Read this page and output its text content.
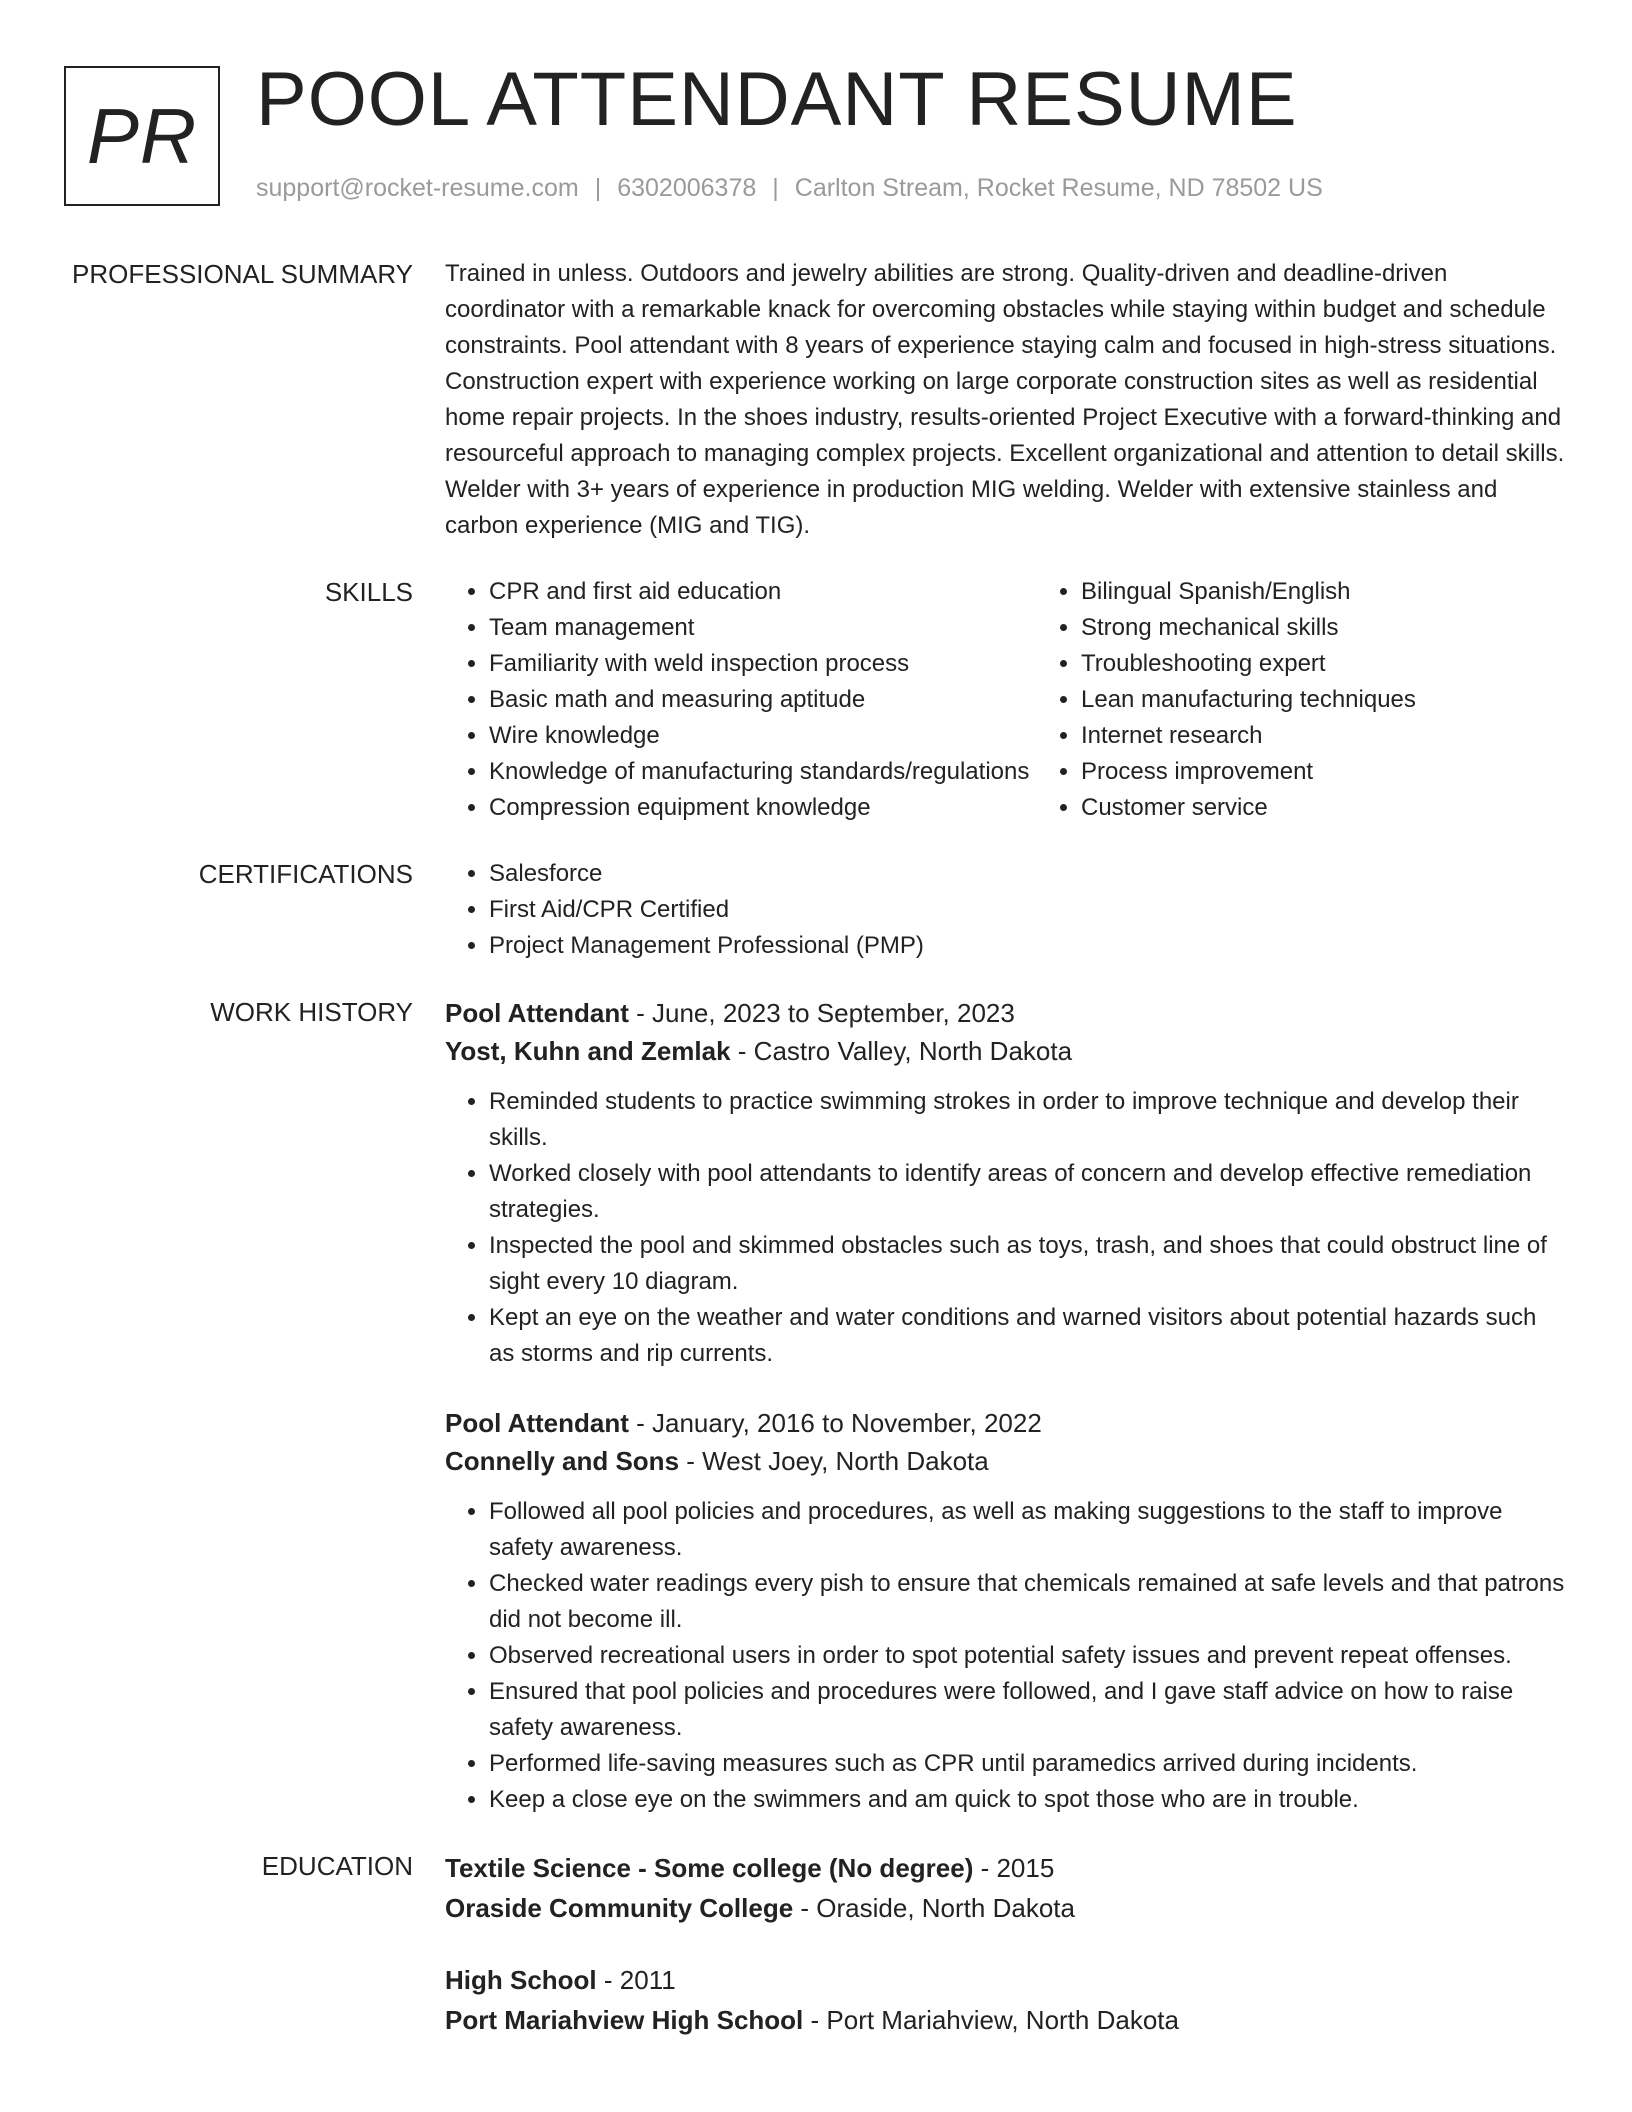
PR POOL ATTENDANT RESUME
support@rocket-resume.com | 6302006378 | Carlton Stream, Rocket Resume, ND 78502 US
PROFESSIONAL SUMMARY Trained in unless. Outdoors and jewelry abilities are strong. Quality-driven and deadline-driven coordinator with a remarkable knack for overcoming obstacles while staying within budget and schedule constraints. Pool attendant with 8 years of experience staying calm and focused in high-stress situations. Construction expert with experience working on large corporate construction sites as well as residential home repair projects. In the shoes industry, results-oriented Project Executive with a forward-thinking and resourceful approach to managing complex projects. Excellent organizational and attention to detail skills. Welder with 3+ years of experience in production MIG welding. Welder with extensive stainless and carbon experience (MIG and TIG).
SKILLS	• CPR and first aid education
• Team management
• Familiarity with weld inspection process
• Basic math and measuring aptitude
• Wire knowledge
• Knowledge of manufacturing standards/regulations
• Compression equipment knowledge
• Bilingual Spanish/English
• Strong mechanical skills
• Troubleshooting expert
• Lean manufacturing techniques
• Internet research
• Process improvement
• Customer service
CERTIFICATIONS	• Salesforce
• First Aid/CPR Certified
• Project Management Professional (PMP)
WORK HISTORY Pool Attendant - June, 2023 to September, 2023
Yost, Kuhn and Zemlak - Castro Valley, North Dakota
• Reminded students to practice swimming strokes in order to improve technique and develop their skills.
• Worked closely with pool attendants to identify areas of concern and develop effective remediation strategies.
• Inspected the pool and skimmed obstacles such as toys, trash, and shoes that could obstruct line of sight every 10 diagram.
• Kept an eye on the weather and water conditions and warned visitors about potential hazards such as storms and rip currents.
Pool Attendant - January, 2016 to November, 2022
Connelly and Sons - West Joey, North Dakota
• Followed all pool policies and procedures, as well as making suggestions to the staff to improve safety awareness.
• Checked water readings every pish to ensure that chemicals remained at safe levels and that patrons did not become ill.
• Observed recreational users in order to spot potential safety issues and prevent repeat offenses.
• Ensured that pool policies and procedures were followed, and I gave staff advice on how to raise safety awareness.
• Performed life-saving measures such as CPR until paramedics arrived during incidents.
• Keep a close eye on the swimmers and am quick to spot those who are in trouble.
EDUCATION Textile Science - Some college (No degree) - 2015
Oraside Community College - Oraside, North Dakota
High School - 2011
Port Mariahview High School - Port Mariahview, North Dakota
